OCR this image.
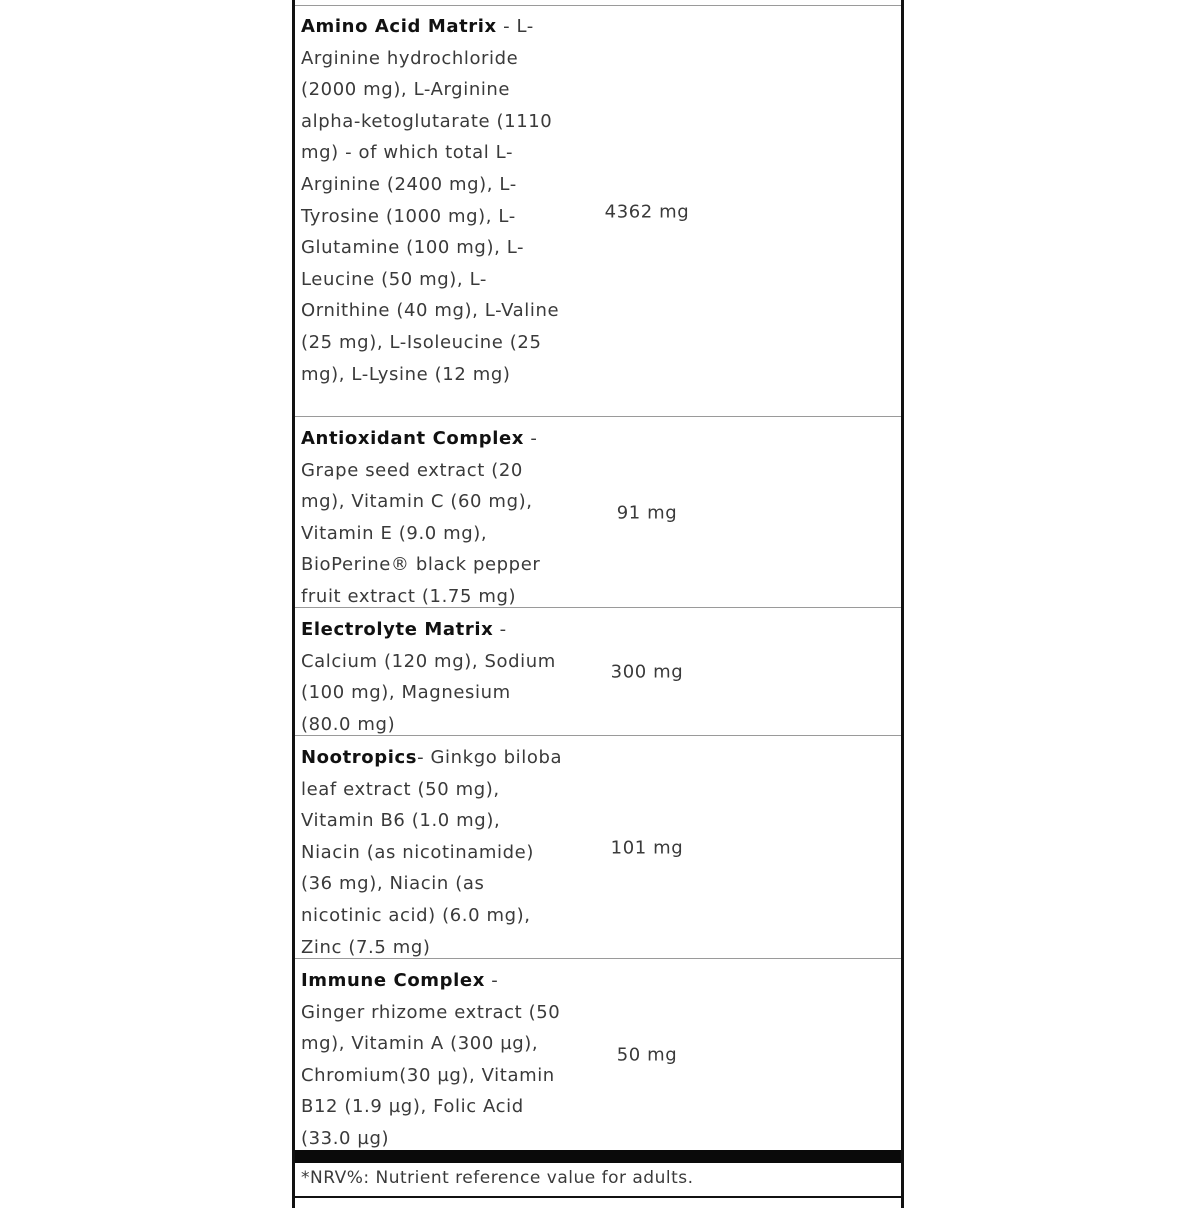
Amino Acid Matrix - L-Arginine hydrochloride (2000 mg), L-Arginine alpha-ketoglutarate (1110 mg) - of which total L-Arginine (2400 mg), L-Tyrosine (1000 mg), L-Glutamine (100 mg), L-Leucine (50 mg), L-Ornithine (40 mg), L-Valine (25 mg), L-Isoleucine (25 mg), L-Lysine (12 mg)
4362 mg
Antioxidant Complex - Grape seed extract (20 mg), Vitamin C (60 mg), Vitamin E (9.0 mg), BioPerine® black pepper fruit extract (1.75 mg)
91 mg
Electrolyte Matrix - Calcium (120 mg), Sodium (100 mg), Magnesium (80.0 mg)
300 mg
Nootropics- Ginkgo biloba leaf extract (50 mg), Vitamin B6 (1.0 mg), Niacin (as nicotinamide) (36 mg), Niacin (as nicotinic acid) (6.0 mg), Zinc (7.5 mg)
101 mg
Immune Complex - Ginger rhizome extract (50 mg), Vitamin A (300 µg), Chromium(30 µg), Vitamin B12 (1.9 µg), Folic Acid (33.0 µg)
50 mg
*NRV%: Nutrient reference value for adults.
